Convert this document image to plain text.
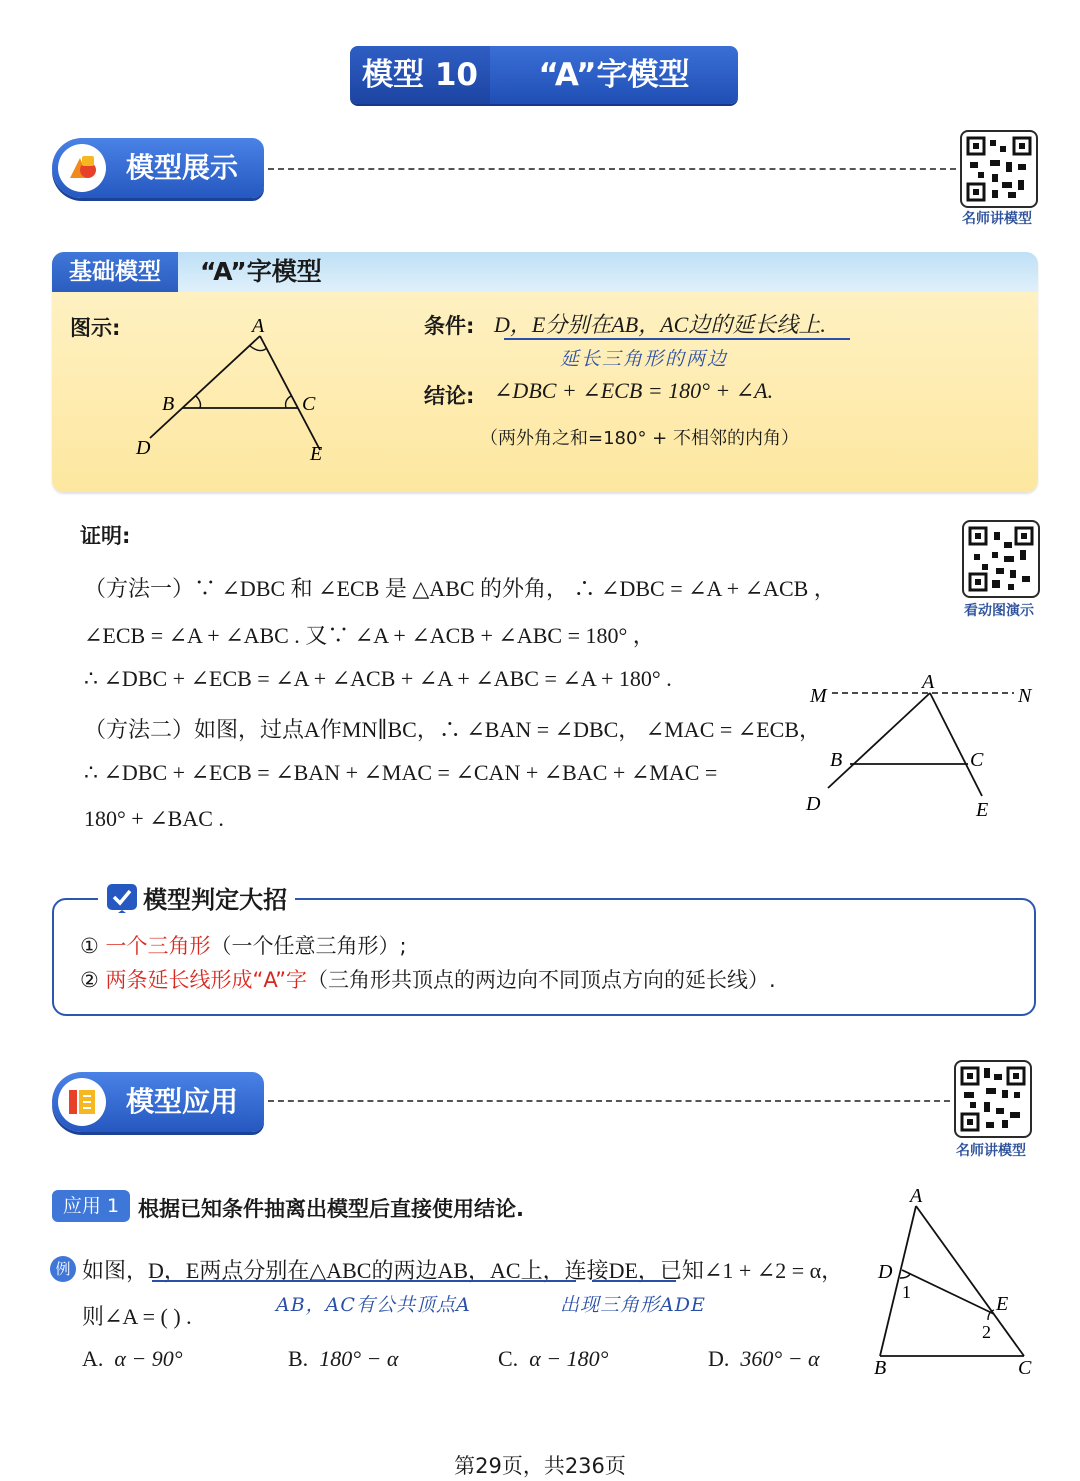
模型 10	“A”字模型
模型展示
名师讲模型
基础模型	“A”字模型
图示:	A
B	C
D	E
条件: D，E分别在AB，AC边的延长线上.
延长三角形的两边
结论: ∠DBC + ∠ECB = 180° + ∠A.
（两外角之和=180° + 不相邻的内角）
证明:
看动图演示
（方法一）∵ ∠DBC 和 ∠ECB 是 △ABC 的外角， ∴ ∠DBC = ∠A + ∠ACB ，
∠ECB = ∠A + ∠ABC . 又∵ ∠A + ∠ACB + ∠ABC = 180° ，
∴ ∠DBC + ∠ECB = ∠A + ∠ACB + ∠A + ∠ABC = ∠A + 180° .
（方法二）如图，过点A作MN∥BC，∴ ∠BAN = ∠DBC， ∠MAC = ∠ECB，
∴ ∠DBC + ∠ECB = ∠BAN + ∠MAC = ∠CAN + ∠BAC + ∠MAC =
180° + ∠BAC .
M	N
A
B	C
D	E
模型判定大招
① 一个三角形（一个任意三角形）;
② 两条延长线形成“A”字（三角形共顶点的两边向不同顶点方向的延长线）.
模型应用
名师讲模型
应用 1 根据已知条件抽离出模型后直接使用结论.
例 如图，D，E两点分别在△ABC的两边AB，AC上，连接DE，已知∠1 + ∠2 = α，
则∠A = ( ) .	AB，AC有公共顶点A	出现三角形ADE
A. α − 90°	B. 180° − α	C. α − 180°	D. 360° − α
A
D
E
B	C
1
2
第29页，共236页
